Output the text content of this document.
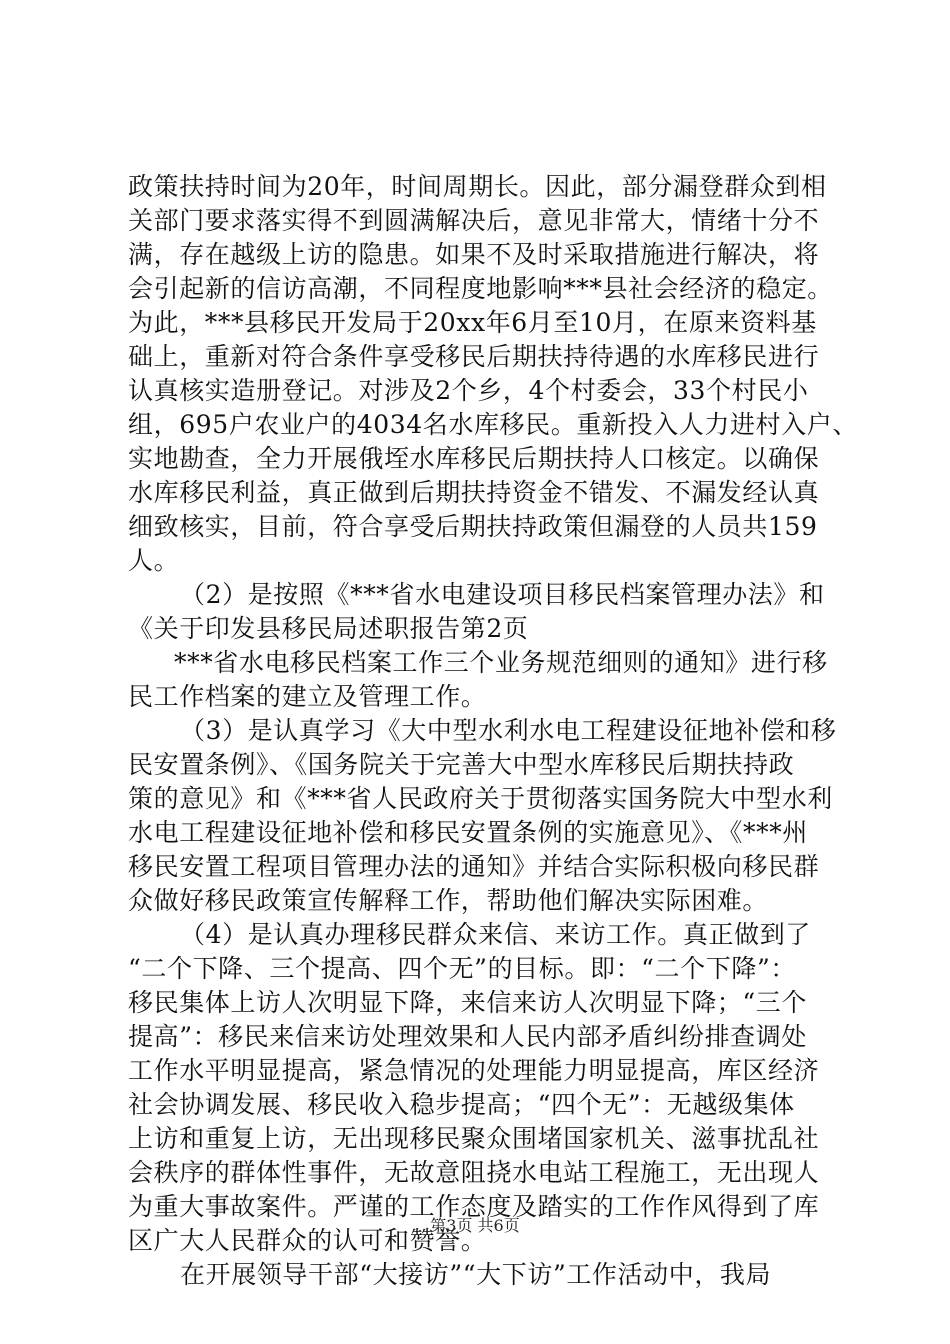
政策扶持时间为20年，时间周期长。因此，部分漏登群众到相
关部门要求落实得不到圆满解决后，意见非常大，情绪十分不
满，存在越级上访的隐患。如果不及时采取措施进行解决，将
会引起新的信访高潮，不同程度地影响***县社会经济的稳定。
为此，***县移民开发局于20xx年6月至10月，在原来资料基
础上，重新对符合条件享受移民后期扶持待遇的水库移民进行
认真核实造册登记。对涉及2个乡，4个村委会，33个村民小
组，695户农业户的4034名水库移民。重新投入人力进村入户、
实地勘查，全力开展俄垤水库移民后期扶持人口核定。以确保
水库移民利益，真正做到后期扶持资金不错发、不漏发经认真
细致核实，目前，符合享受后期扶持政策但漏登的人员共159
人。
（2）是按照《***省水电建设项目移民档案管理办法》和
《关于印发县移民局述职报告第2页
***省水电移民档案工作三个业务规范细则的通知》进行移
民工作档案的建立及管理工作。
（3）是认真学习《大中型水利水电工程建设征地补偿和移
民安置条例》、《国务院关于完善大中型水库移民后期扶持政
策的意见》和《***省人民政府关于贯彻落实国务院大中型水利
水电工程建设征地补偿和移民安置条例的实施意见》、《***州
移民安置工程项目管理办法的通知》并结合实际积极向移民群
众做好移民政策宣传解释工作，帮助他们解决实际困难。
（4）是认真办理移民群众来信、来访工作。真正做到了
“二个下降、三个提高、四个无”的目标。即：“二个下降”：
移民集体上访人次明显下降，来信来访人次明显下降；“三个
提高”：移民来信来访处理效果和人民内部矛盾纠纷排查调处
工作水平明显提高，紧急情况的处理能力明显提高，库区经济
社会协调发展、移民收入稳步提高；“四个无”：无越级集体
上访和重复上访，无出现移民聚众围堵国家机关、滋事扰乱社
会秩序的群体性事件，无故意阻挠水电站工程施工，无出现人
为重大事故案件。严谨的工作态度及踏实的工作作风得到了库
区广大人民群众的认可和赞誉。
在开展领导干部“大接访”“大下访”工作活动中，我局
第3页 共6页
